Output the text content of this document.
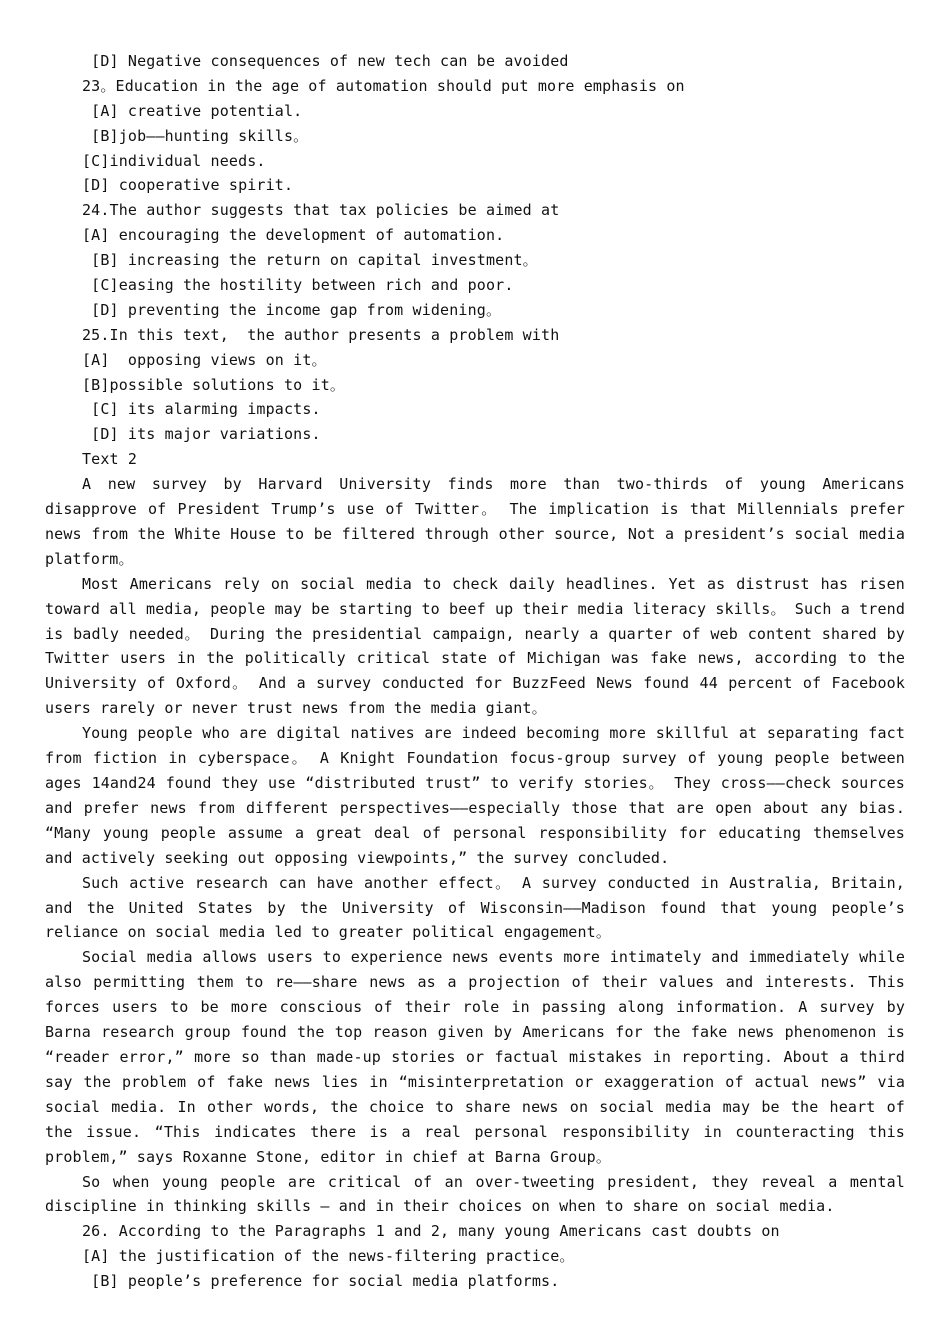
[D] Negative consequences of new tech can be avoided
23。Education in the age of automation should put more emphasis on
[A] creative potential.
[B]job——hunting skills。
[C]individual needs.
[D] cooperative spirit.
24.The author suggests that tax policies be aimed at
[A] encouraging the development of automation.
[B] increasing the return on capital investment。
[C]easing the hostility between rich and poor.
[D] preventing the income gap from widening。
25.In this text,  the author presents a problem with
[A]  opposing views on it。
[B]possible solutions to it。
[C] its alarming impacts.
[D] its major variations.
Text 2
A new survey by Harvard University finds more than two-thirds of young Americans disapprove of President Trump’s use of Twitter。 The implication is that Millennials prefer news from the White House to be filtered through other source, Not a president’s social media platform。
Most Americans rely on social media to check daily headlines. Yet as distrust has risen toward all media, people may be starting to beef up their media literacy skills。 Such a trend is badly needed。 During the presidential campaign, nearly a quarter of web content shared by Twitter users in the politically critical state of Michigan was fake news, according to the University of Oxford。 And a survey conducted for BuzzFeed News found 44 percent of Facebook users rarely or never trust news from the media giant。
Young people who are digital natives are indeed becoming more skillful at separating fact from fiction in cyberspace。 A Knight Foundation focus-group survey of young people between ages 14and24 found they use “distributed trust” to verify stories。 They cross——check sources and prefer news from different perspectives——especially those that are open about any bias. “Many young people assume a great deal of personal responsibility for educating themselves and actively seeking out opposing viewpoints,” the survey concluded.
Such active research can have another effect。 A survey conducted in Australia, Britain, and the United States by the University of Wisconsin——Madison found that young people’s reliance on social media led to greater political engagement。
Social media allows users to experience news events more intimately and immediately while also permitting them to re——share news as a projection of their values and interests. This forces users to be more conscious of their role in passing along information. A survey by Barna research group found the top reason given by Americans for the fake news phenomenon is “reader error,” more so than made-up stories or factual mistakes in reporting. About a third say the problem of fake news lies in “misinterpretation or exaggeration of actual news” via social media. In other words, the choice to share news on social media may be the heart of the issue. “This indicates there is a real personal responsibility in counteracting this problem,” says Roxanne Stone, editor in chief at Barna Group。
So when young people are critical of an over-tweeting president, they reveal a mental discipline in thinking skills – and in their choices on when to share on social media.
26. According to the Paragraphs 1 and 2, many young Americans cast doubts on
[A] the justification of the news-filtering practice。
[B] people’s preference for social media platforms.
